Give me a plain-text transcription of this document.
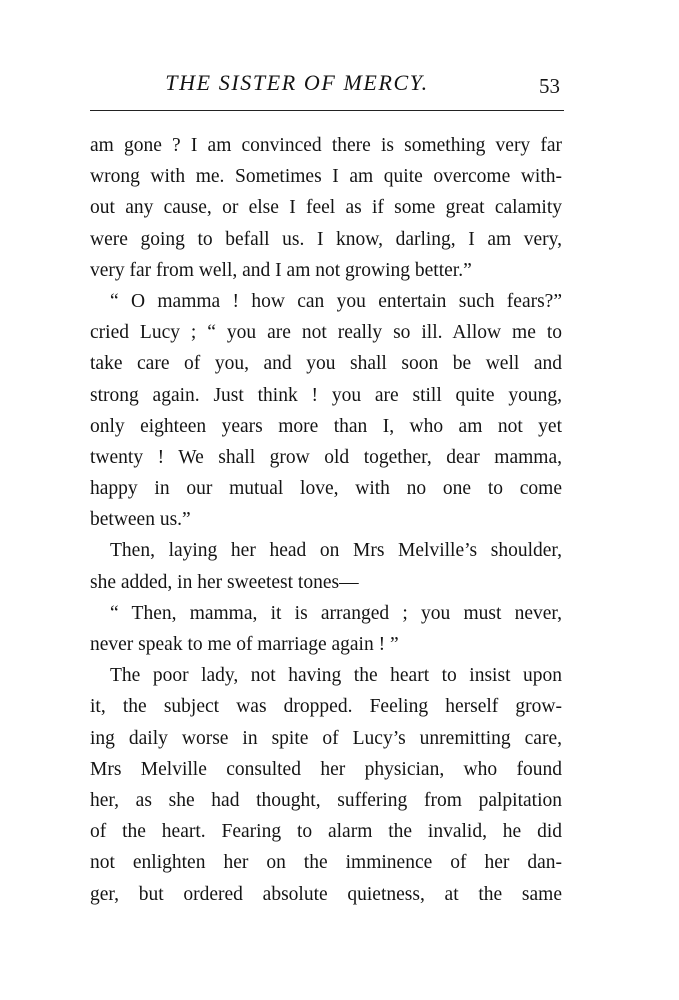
THE SISTER OF MERCY.	53
am gone ? I am convinced there is something very far
wrong with me. Sometimes I am quite overcome with-
out any cause, or else I feel as if some great calamity
were going to befall us. I know, darling, I am very,
very far from well, and I am not growing better.”
“ O mamma ! how can you entertain such fears?”
cried Lucy ; “ you are not really so ill. Allow me to
take care of you, and you shall soon be well and
strong again. Just think ! you are still quite young,
only eighteen years more than I, who am not yet
twenty ! We shall grow old together, dear mamma,
happy in our mutual love, with no one to come
between us.”
Then, laying her head on Mrs Melville’s shoulder,
she added, in her sweetest tones—
“ Then, mamma, it is arranged ; you must never,
never speak to me of marriage again ! ”
The poor lady, not having the heart to insist upon
it, the subject was dropped. Feeling herself grow-
ing daily worse in spite of Lucy’s unremitting care,
Mrs Melville consulted her physician, who found
her, as she had thought, suffering from palpitation
of the heart. Fearing to alarm the invalid, he did
not enlighten her on the imminence of her dan-
ger, but ordered absolute quietness, at the same
